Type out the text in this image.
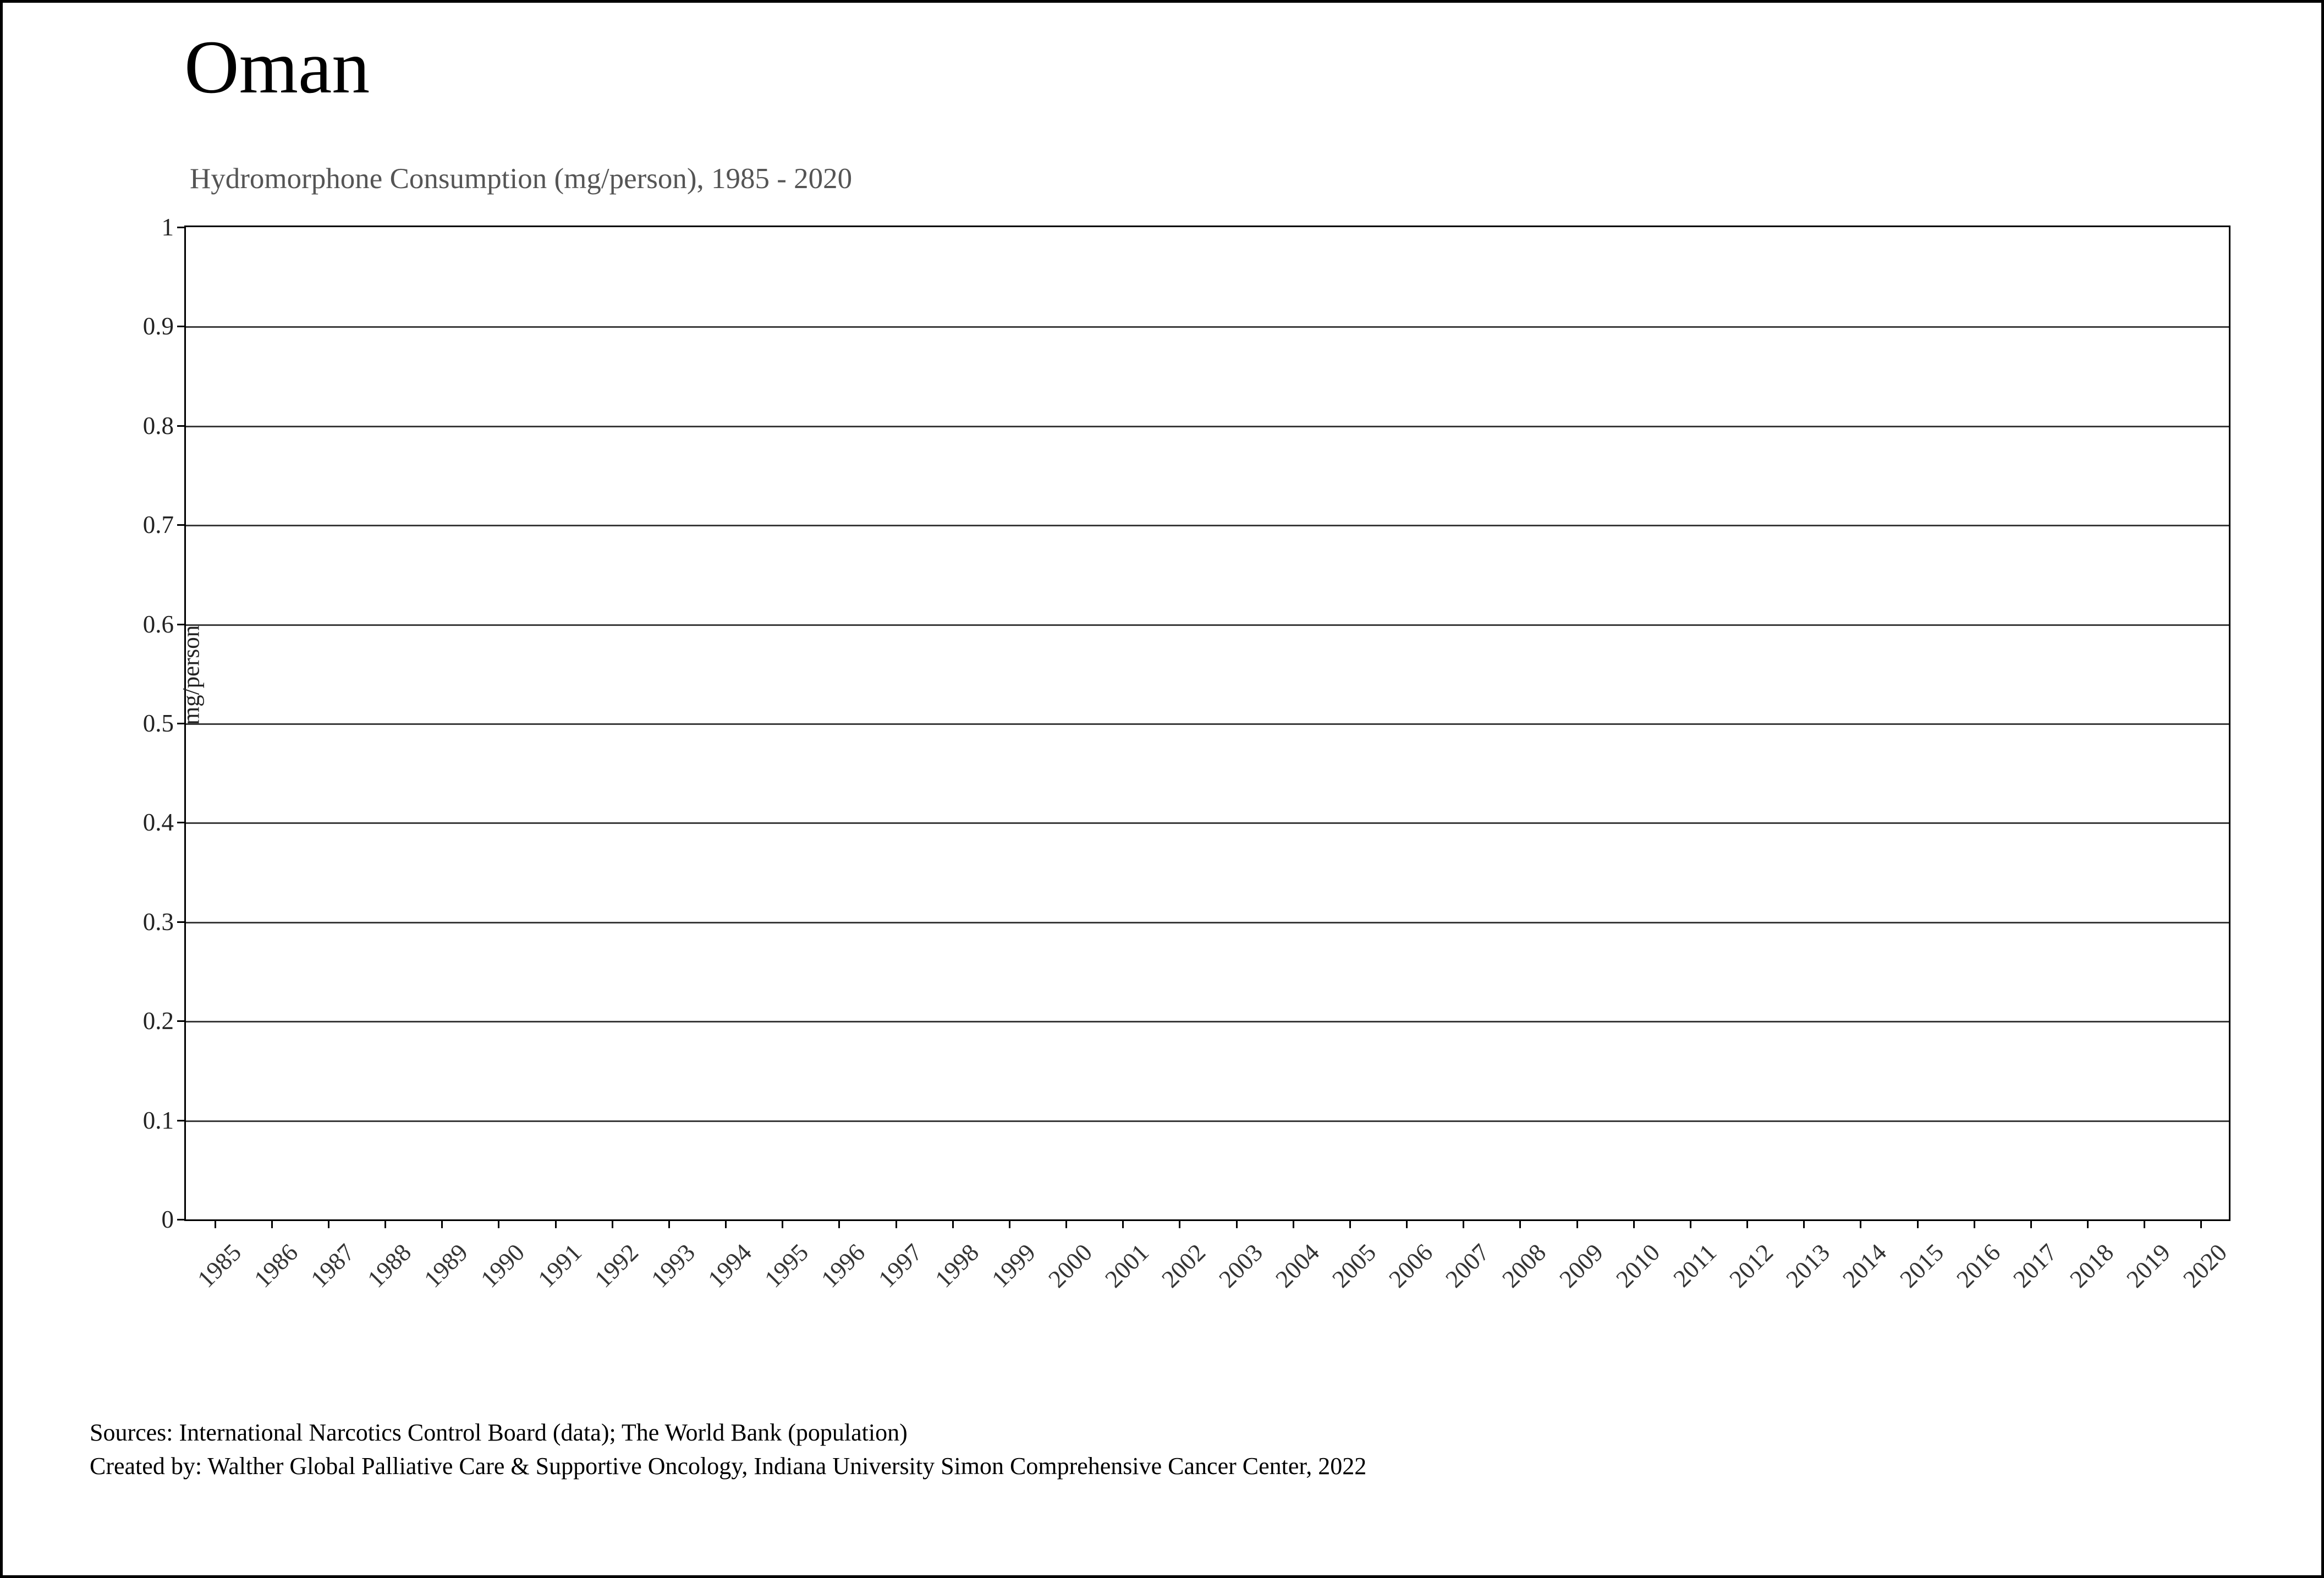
Oman
Hydromorphone Consumption (mg/person), 1985 - 2020
mg/person
0
0.1
0.2
0.3
0.4
0.5
0.6
0.7
0.8
0.9
1
1985 1986 1987 1988 1989 1990 1991 1992 1993 1994 1995 1996 1997 1998 1999 2000 2001 2002 2003 2004 2005 2006 2007 2008 2009 2010 2011 2012 2013 2014 2015 2016 2017 2018 2019 2020
Sources: International Narcotics Control Board (data); The World Bank (population)
Created by: Walther Global Palliative Care & Supportive Oncology, Indiana University Simon Comprehensive Cancer Center, 2022
